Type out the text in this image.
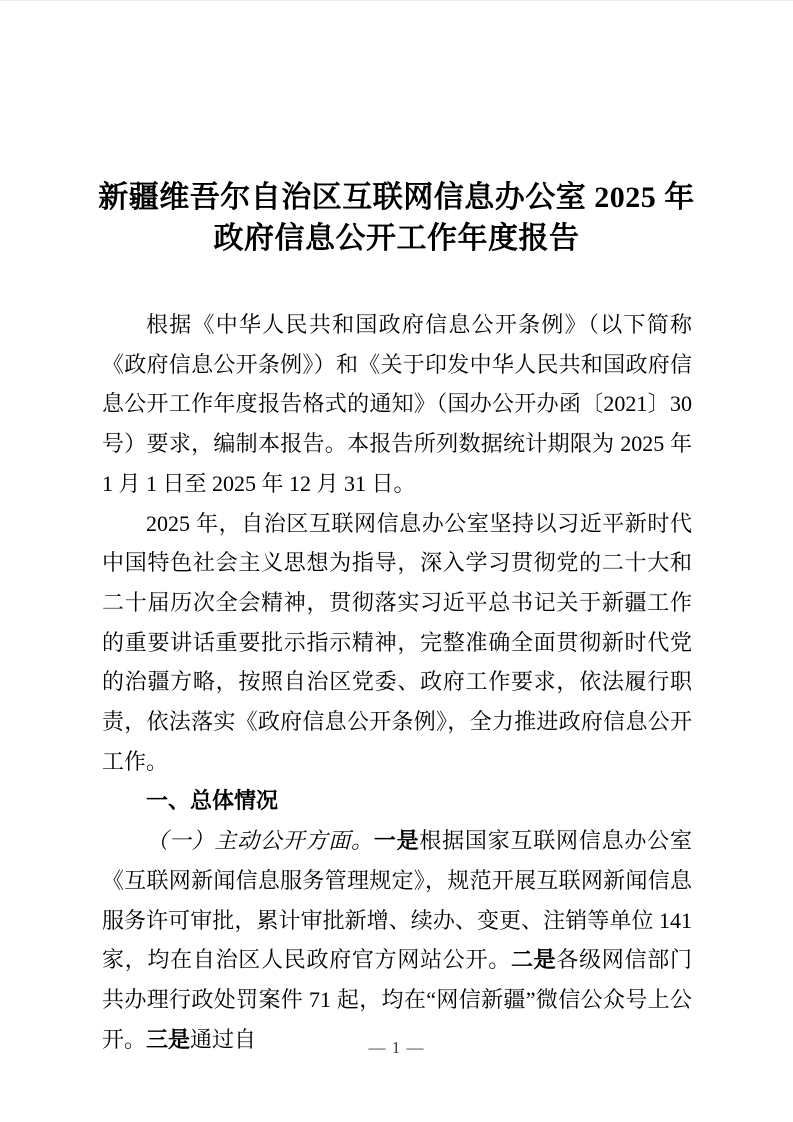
新疆维吾尔自治区互联网信息办公室 2025 年
政府信息公开工作年度报告

根据《中华人民共和国政府信息公开条例》（以下简称《政府信息公开条例》）和《关于印发中华人民共和国政府信息公开工作年度报告格式的通知》（国办公开办函〔2021〕30 号）要求，编制本报告。本报告所列数据统计期限为 2025 年 1 月 1 日至 2025 年 12 月 31 日。

2025 年，自治区互联网信息办公室坚持以习近平新时代中国特色社会主义思想为指导，深入学习贯彻党的二十大和二十届历次全会精神，贯彻落实习近平总书记关于新疆工作的重要讲话重要批示指示精神，完整准确全面贯彻新时代党的治疆方略，按照自治区党委、政府工作要求，依法履行职责，依法落实《政府信息公开条例》，全力推进政府信息公开工作。

一、总体情况

（一）主动公开方面。一是根据国家互联网信息办公室《互联网新闻信息服务管理规定》，规范开展互联网新闻信息服务许可审批，累计审批新增、续办、变更、注销等单位 141 家，均在自治区人民政府官方网站公开。二是各级网信部门共办理行政处罚案件 71 起，均在“网信新疆”微信公众号上公开。三是通过自	— 1 —
